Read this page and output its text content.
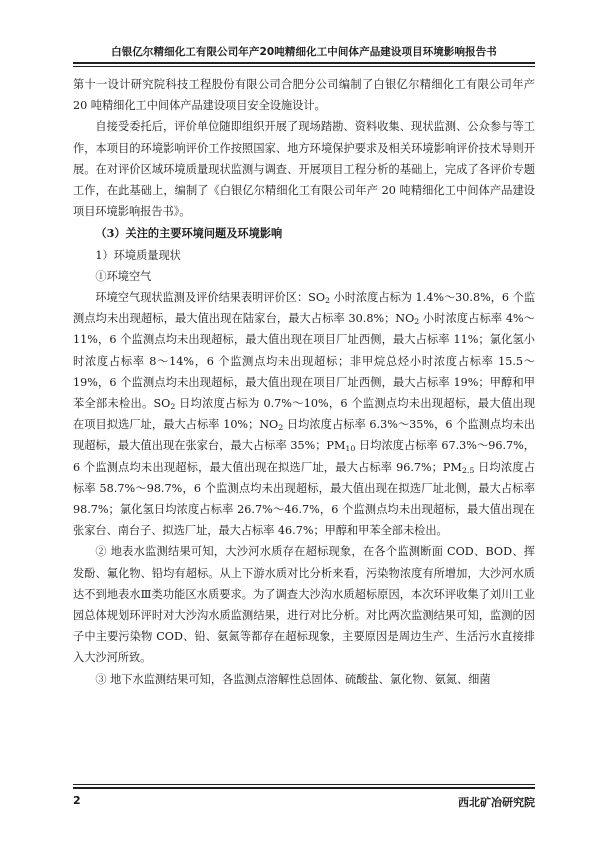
白银亿尔精细化工有限公司年产20吨精细化工中间体产品建设项目环境影响报告书

第十一设计研究院科技工程股份有限公司合肥分公司编制了白银亿尔精细化工有限公司年产 20 吨精细化工中间体产品建设项目安全设施设计。

自接受委托后，评价单位随即组织开展了现场踏勘、资料收集、现状监测、公众参与等工作，本项目的环境影响评价工作按照国家、地方环境保护要求及相关环境影响评价技术导则开展。在对评价区域环境质量现状监测与调查、开展项目工程分析的基础上，完成了各评价专题工作，在此基础上，编制了《白银亿尔精细化工有限公司年产 20 吨精细化工中间体产品建设项目环境影响报告书》。

（3）关注的主要环境问题及环境影响

1）环境质量现状

①环境空气

环境空气现状监测及评价结果表明评价区：$SO_2$ 小时浓度占标为 1.4%～30.8%，6 个监测点均未出现超标，最大值出现在陆家台，最大占标率 30.8%；$NO_2$ 小时浓度占标率 4%～11%，6 个监测点均未出现超标，最大值出现在项目厂址西侧，最大占标率 11%；氯化氢小时浓度占标率 8～14%，6 个监测点均未出现超标；非甲烷总烃小时浓度占标率 15.5～19%，6 个监测点均未出现超标，最大值出现在项目厂址西侧，最大占标率 19%；甲醇和甲苯全部未检出。$SO_2$ 日均浓度占标为 0.7%～10%，6 个监测点均未出现超标，最大值出现在项目拟选厂址，最大占标率 10%；$NO_2$ 日均浓度占标率 6.3%～35%，6 个监测点均未出现超标，最大值出现在张家台，最大占标率 35%；$PM_{10}$ 日均浓度占标率 67.3%～96.7%，6 个监测点均未出现超标，最大值出现在拟选厂址，最大占标率 96.7%；$PM_{2.5}$ 日均浓度占标率 58.7%～98.7%，6 个监测点均未出现超标，最大值出现在拟选厂址北侧，最大占标率 98.7%；氯化氢日均浓度占标率 26.7%～46.7%，6 个监测点均未出现超标，最大值出现在张家台、南台子、拟选厂址，最大占标率 46.7%；甲醇和甲苯全部未检出。

② 地表水监测结果可知，大沙河水质存在超标现象，在各个监测断面 COD、BOD、挥发酚、氟化物、铅均有超标。从上下游水质对比分析来看，污染物浓度有所增加，大沙河水质达不到地表水Ⅲ类功能区水质要求。为了调查大沙沟水质超标原因，本次环评收集了刘川工业园总体规划环评时对大沙沟水质监测结果，进行对比分析。对比两次监测结果可知，监测的因子中主要污染物 COD、铅、氨氮等都存在超标现象，主要原因是周边生产、生活污水直接排入大沙河所致。

③ 地下水监测结果可知，各监测点溶解性总固体、硫酸盐、氯化物、氨氮、细菌

2	西北矿冶研究院
